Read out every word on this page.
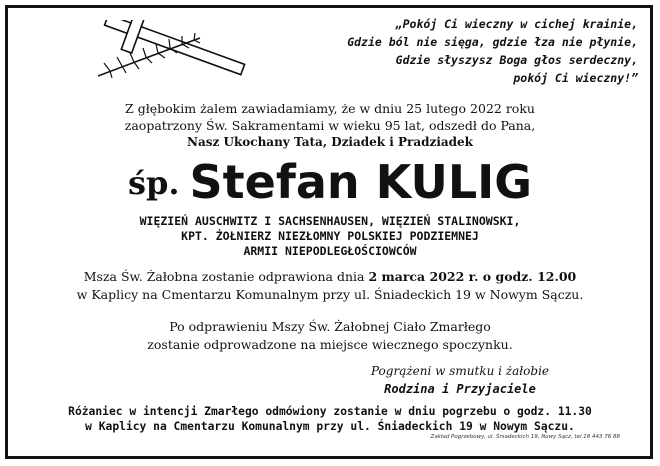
„Pokój Ci wieczny w cichej krainie,
Gdzie ból nie sięga, gdzie łza nie płynie,
Gdzie słyszysz Boga głos serdeczny,
pokój Ci wieczny!”
Z głębokim żalem zawiadamiamy, że w dniu 25 lutego 2022 roku
zaopatrzony Św. Sakramentami w wieku 95 lat, odszedł do Pana,
Nasz Ukochany Tata, Dziadek i Pradziadek
śp. Stefan KULIG
WIĘZIEŃ AUSCHWITZ I SACHSENHAUSEN, WIĘZIEŃ STALINOWSKI,
KPT. ŻOŁNIERZ NIEZŁOMNY POLSKIEJ PODZIEMNEJ
ARMII NIEPODLEGŁOŚCIOWCÓW
Msza Św. Żałobna zostanie odprawiona dnia 2 marca 2022 r. o godz. 12.00
w Kaplicy na Cmentarzu Komunalnym przy ul. Śniadeckich 19 w Nowym Sączu.
Po odprawieniu Mszy Św. Żałobnej Ciało Zmarłego
zostanie odprowadzone na miejsce wiecznego spoczynku.
Pogrążeni w smutku i żałobie
Rodzina i Przyjaciele
Różaniec w intencji Zmarłego odmówiony zostanie w dniu pogrzebu o godz. 11.30
w Kaplicy na Cmentarzu Komunalnym przy ul. Śniadeckich 19 w Nowym Sączu.
Zakład Pogrzebowy, ul. Śniadeckich 19, Nowy Sącz, tel.18 443 76 88
